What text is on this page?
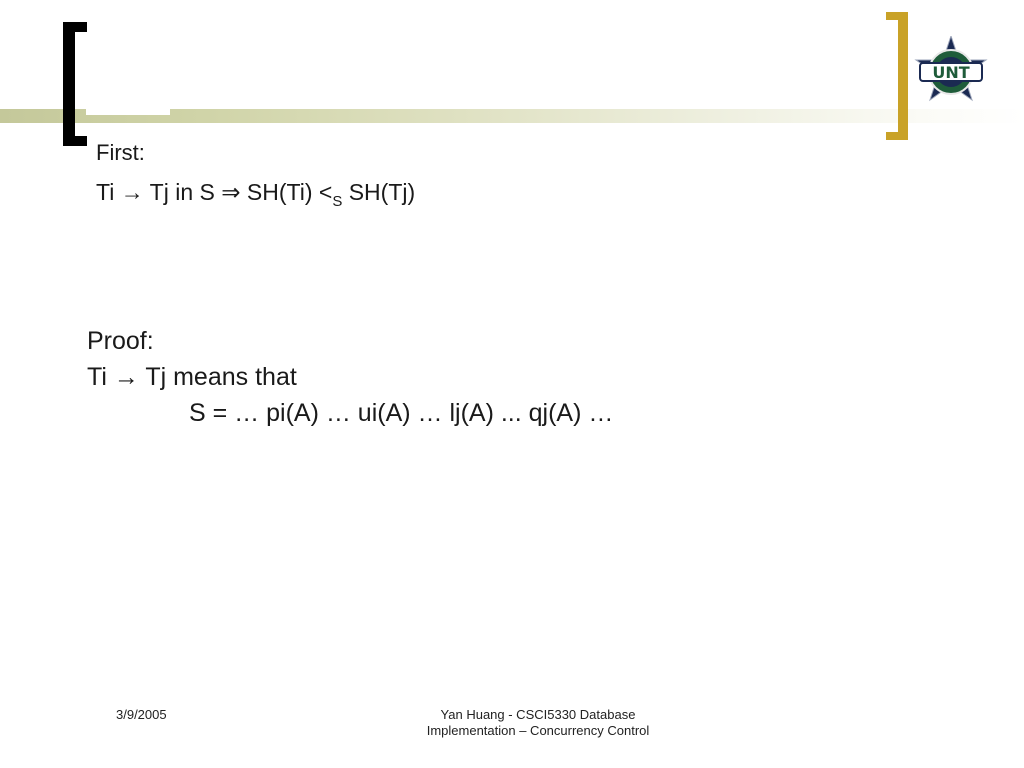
UNT
First:
Ti → Tj in S ⇒ $SH(Ti) <_S$ SH(Tj)
Proof:
Ti → Tj means that
S = … pi(A) … ui(A) … lj(A) ... qj(A) …
3/9/2005	Yan Huang - CSCI5330 Database
Implementation – Concurrency Control
